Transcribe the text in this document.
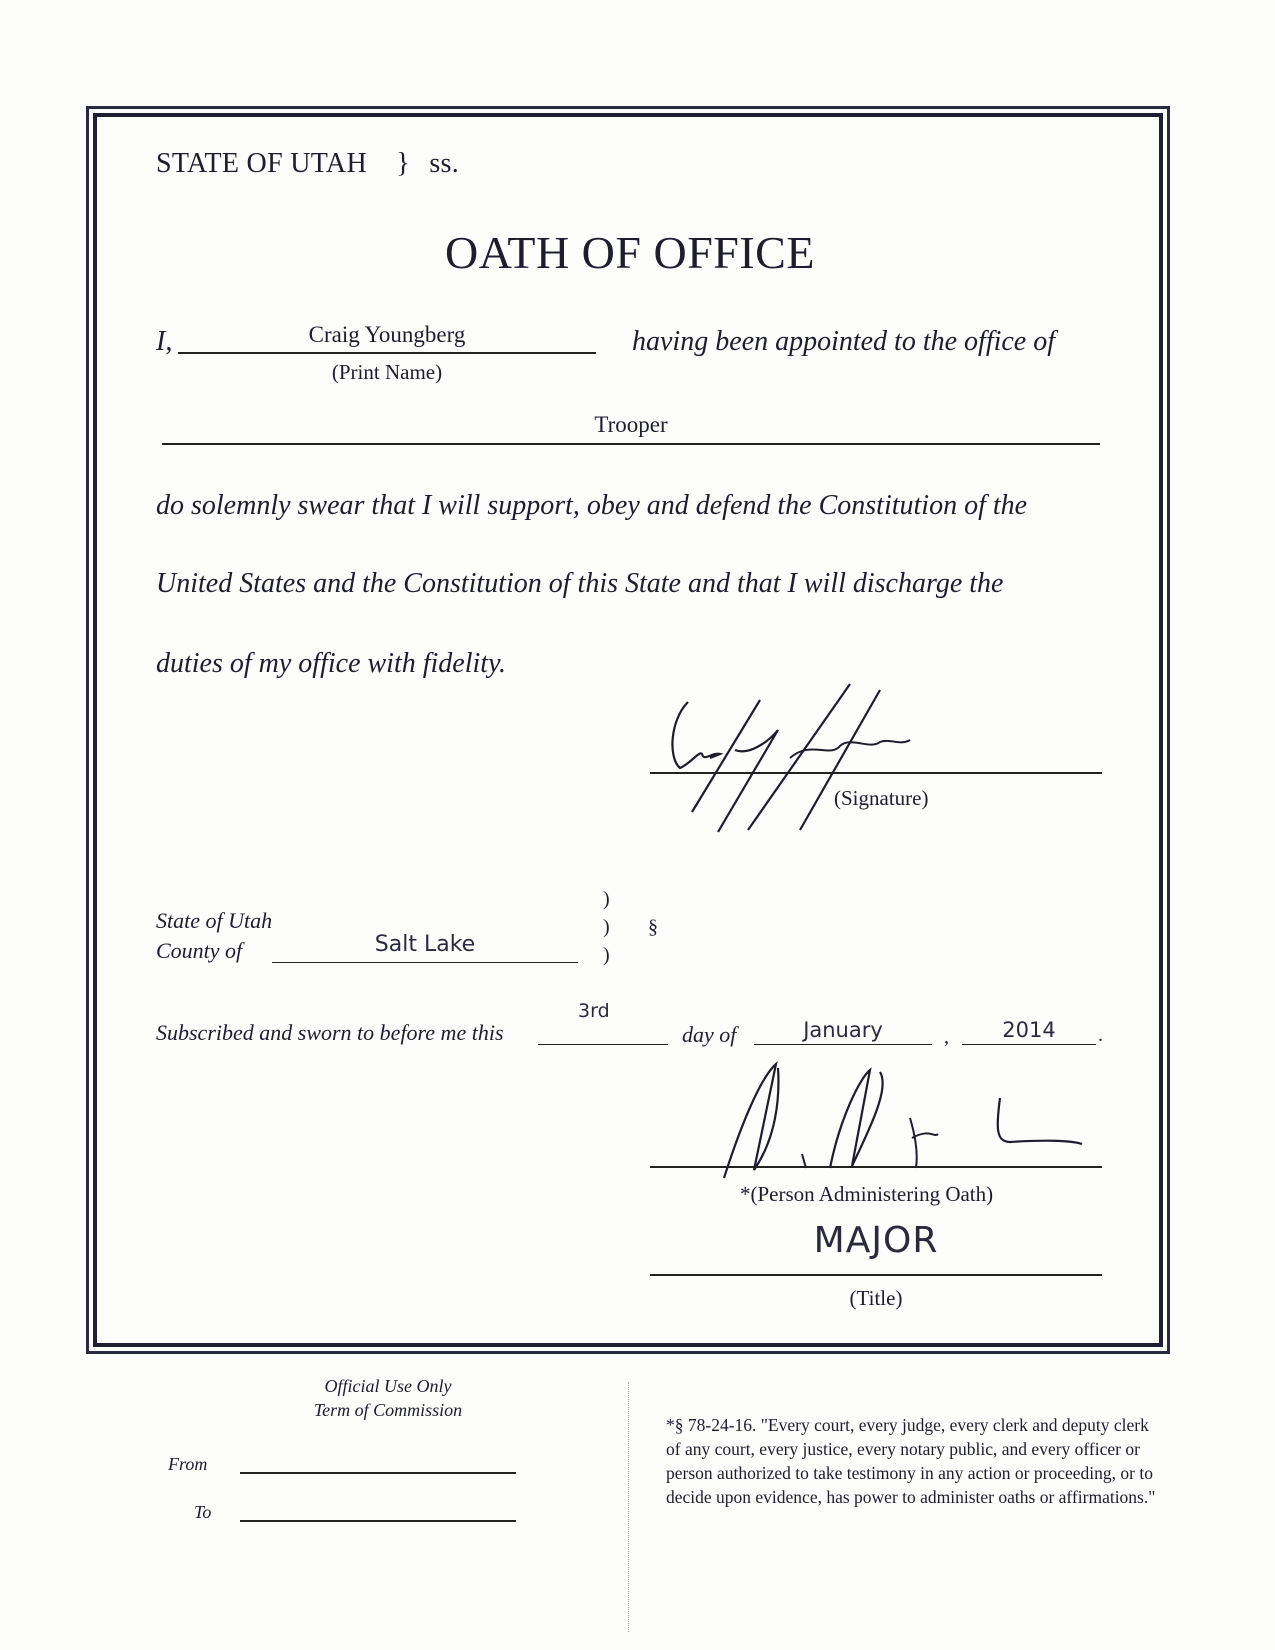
STATE OF UTAH } ss.
OATH OF OFFICE
I,	Craig Youngberg
(Print Name)
having been appointed to the office of
Trooper
do solemnly swear that I will support, obey and defend the Constitution of the
United States and the Constitution of this State and that I will discharge the
duties of my office with fidelity.
(Signature)
State of Utah
County of	Salt Lake
)
)
)
§
Subscribed and sworn to before me this
3rd
day of	January	,	2014	.
*(Person Administering Oath)
MAJOR
(Title)
Official Use Only
Term of Commission
From
To
*§ 78-24-16. "Every court, every judge, every clerk and deputy clerk of any court, every justice, every notary public, and every officer or person authorized to take testimony in any action or proceeding, or to decide upon evidence, has power to administer oaths or affirmations."
